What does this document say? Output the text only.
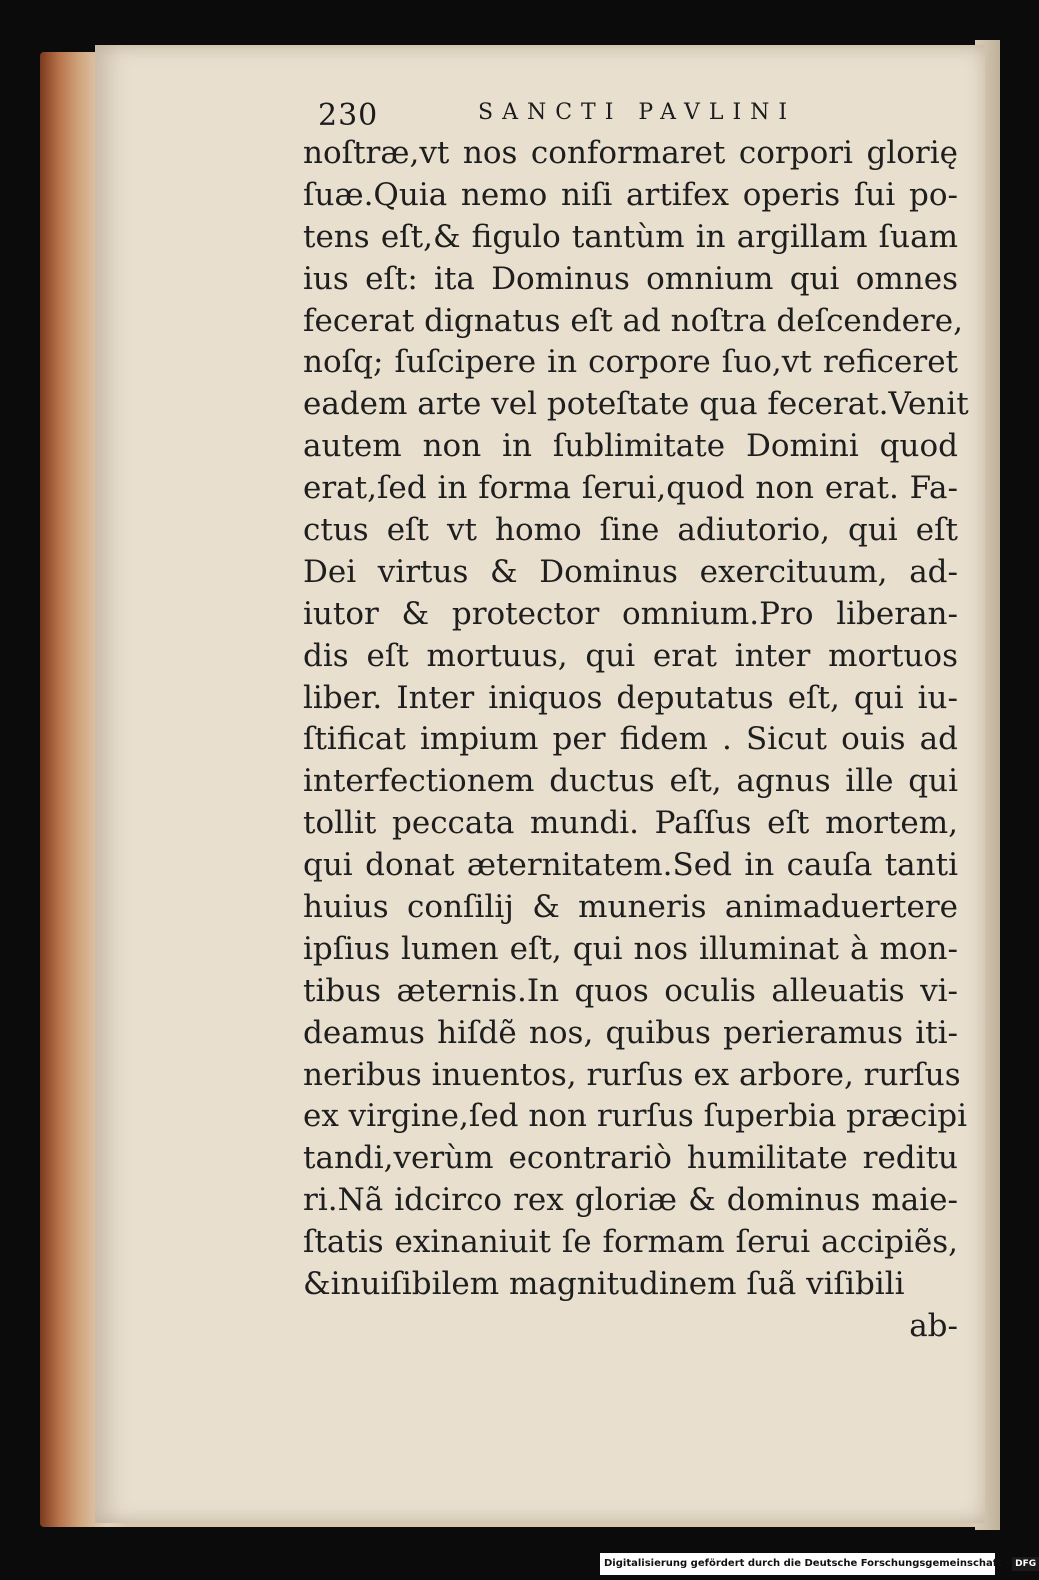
230	SANCTI PAVLINI
noſtræ,vt nos conformaret corpori glorię
ſuæ.Quia nemo niſi artifex operis ſui po-
tens eſt,& figulo tantùm in argillam ſuam
ius eſt: ita Dominus omnium qui omnes
fecerat dignatus eſt ad noſtra deſcendere,
noſq; ſuſcipere in corpore ſuo,vt reficeret
eadem arte vel poteſtate qua fecerat.Venit
autem non in ſublimitate Domini quod
erat,ſed in forma ſerui,quod non erat. Fa-
ctus eſt vt homo ſine adiutorio, qui eſt
Dei virtus & Dominus exercituum, ad-
iutor & protector omnium.Pro liberan-
dis eſt mortuus, qui erat inter mortuos
liber. Inter iniquos deputatus eſt, qui iu-
ſtificat impium per fidem . Sicut ouis ad
interfectionem ductus eſt, agnus ille qui
tollit peccata mundi. Paſſus eſt mortem,
qui donat æternitatem.Sed in cauſa tanti
huius conſilij & muneris animaduertere
ipſius lumen eſt, qui nos illuminat à mon-
tibus æternis.In quos oculis alleuatis vi-
deamus hiſdẽ nos, quibus perieramus iti-
neribus inuentos, rurſus ex arbore, rurſus
ex virgine,ſed non rurſus ſuperbia præcipi
tandi,verùm econtrariò humilitate reditu
ri.Nã idcirco rex gloriæ & dominus maie-
ſtatis exinaniuit ſe formam ſerui accipiẽs,
&inuiſibilem magnitudinem ſuã viſibili
ab-
Digitalisierung gefördert durch die Deutsche Forschungsgemeinschaft · DFG
